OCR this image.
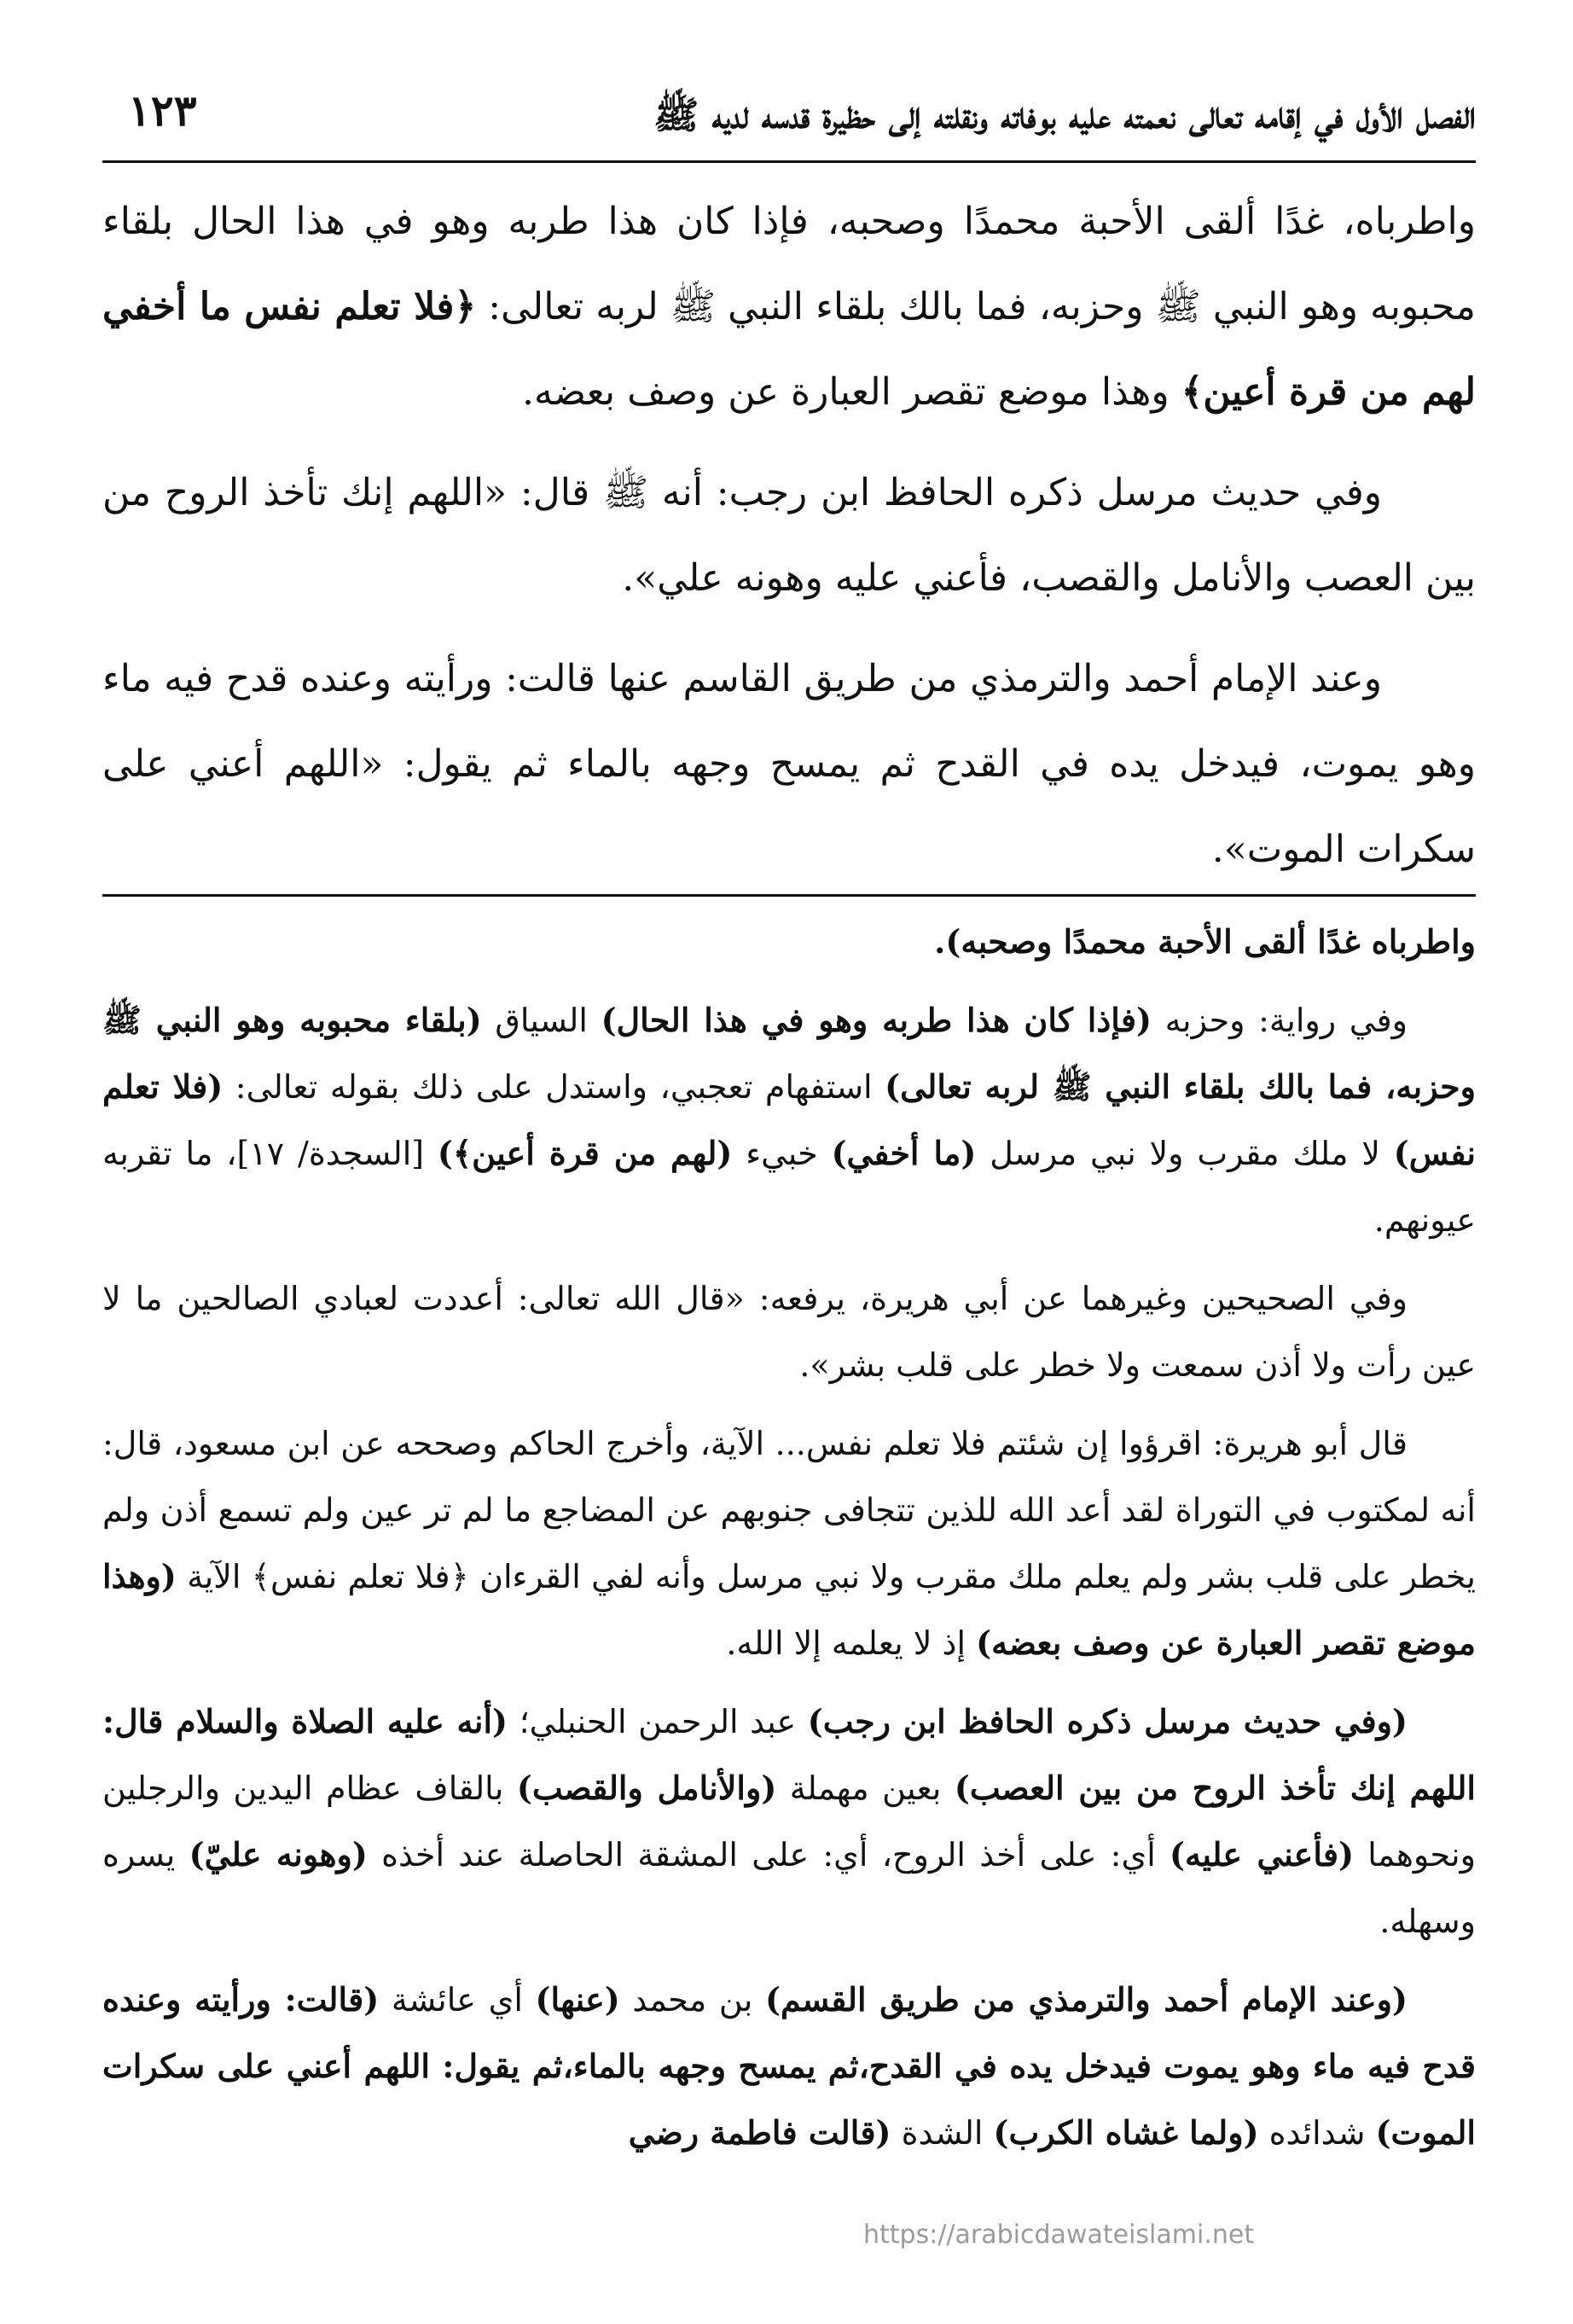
الفصل الأول في إقامه تعالى نعمته عليه بوفاته ونقلته إلى حظيرة قدسه لديه ﷺ
١٢٣

واطرباه، غدًا ألقى الأحبة محمدًا وصحبه، فإذا كان هذا طربه وهو في هذا الحال بلقاء محبوبه وهو النبي ﷺ وحزبه، فما بالك بلقاء النبي ﷺ لربه تعالى: ﴿فلا تعلم نفس ما أخفي لهم من قرة أعين﴾ وهذا موضع تقصر العبارة عن وصف بعضه.

وفي حديث مرسل ذكره الحافظ ابن رجب: أنه ﷺ قال: «اللهم إنك تأخذ الروح من بين العصب والأنامل والقصب، فأعني عليه وهونه علي».

وعند الإمام أحمد والترمذي من طريق القاسم عنها قالت: ورأيته وعنده قدح فيه ماء وهو يموت، فيدخل يده في القدح ثم يمسح وجهه بالماء ثم يقول: «اللهم أعني على سكرات الموت».

واطرباه غدًا ألقى الأحبة محمدًا وصحبه).

وفي رواية: وحزبه (فإذا كان هذا طربه وهو في هذا الحال) السياق (بلقاء محبوبه وهو النبي ﷺ وحزبه، فما بالك بلقاء النبي ﷺ لربه تعالى) استفهام تعجبي، واستدل على ذلك بقوله تعالى: (فلا تعلم نفس) لا ملك مقرب ولا نبي مرسل (ما أخفي) خبيء (لهم من قرة أعين﴾) [السجدة/ ١٧]، ما تقربه عيونهم.

وفي الصحيحين وغيرهما عن أبي هريرة، يرفعه: «قال الله تعالى: أعددت لعبادي الصالحين ما لا عين رأت ولا أذن سمعت ولا خطر على قلب بشر».

قال أبو هريرة: اقرؤوا إن شئتم فلا تعلم نفس... الآية، وأخرج الحاكم وصححه عن ابن مسعود، قال: أنه لمكتوب في التوراة لقد أعد الله للذين تتجافى جنوبهم عن المضاجع ما لم تر عين ولم تسمع أذن ولم يخطر على قلب بشر ولم يعلم ملك مقرب ولا نبي مرسل وأنه لفي القرءان ﴿فلا تعلم نفس﴾ الآية (وهذا موضع تقصر العبارة عن وصف بعضه) إذ لا يعلمه إلا الله.

(وفي حديث مرسل ذكره الحافظ ابن رجب) عبد الرحمن الحنبلي؛ (أنه عليه الصلاة والسلام قال: اللهم إنك تأخذ الروح من بين العصب) بعين مهملة (والأنامل والقصب) بالقاف عظام اليدين والرجلين ونحوهما (فأعني عليه) أي: على أخذ الروح، أي: على المشقة الحاصلة عند أخذه (وهونه عليّ) يسره وسهله.

(وعند الإمام أحمد والترمذي من طريق القسم) بن محمد (عنها) أي عائشة (قالت: ورأيته وعنده قدح فيه ماء وهو يموت فيدخل يده في القدح،ثم يمسح وجهه بالماء،ثم يقول: اللهم أعني على سكرات الموت) شدائده (ولما غشاه الكرب) الشدة (قالت فاطمة رضي

https://arabicdawateislami.net
